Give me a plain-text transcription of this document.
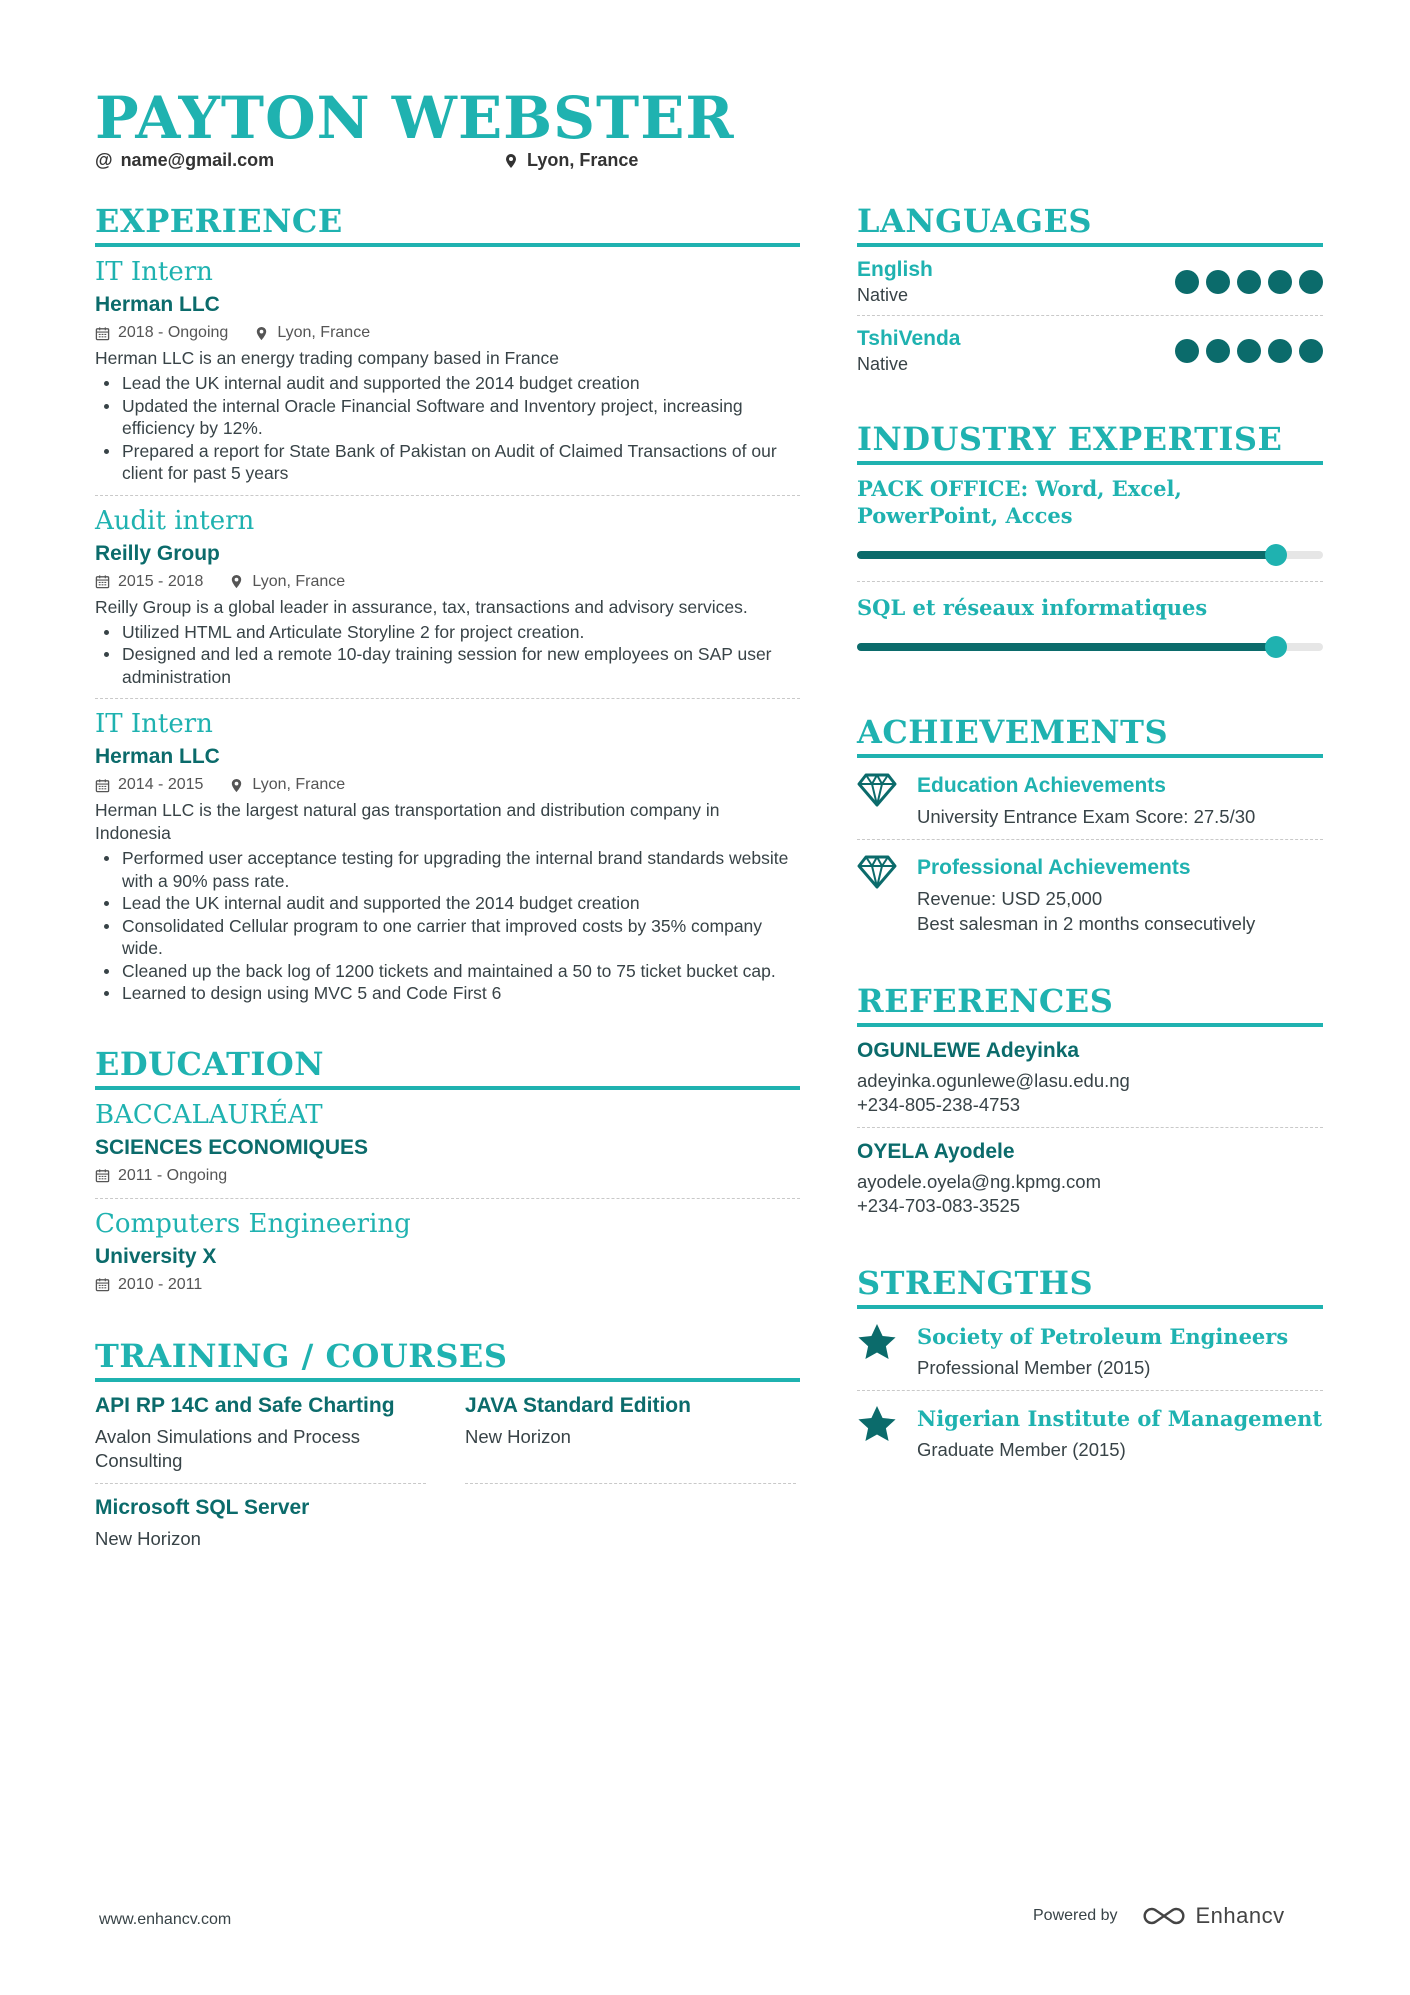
PAYTON WEBSTER
@ name@gmail.com	Lyon, France
EXPERIENCE
IT Intern
Herman LLC
2018 - Ongoing	Lyon, France
Herman LLC is an energy trading company based in France
Lead the UK internal audit and supported the 2014 budget creation
Updated the internal Oracle Financial Software and Inventory project, increasing efficiency by 12%.
Prepared a report for State Bank of Pakistan on Audit of Claimed Transactions of our client for past 5 years
Audit intern
Reilly Group
2015 - 2018	Lyon, France
Reilly Group is a global leader in assurance, tax, transactions and advisory services.
Utilized HTML and Articulate Storyline 2 for project creation.
Designed and led a remote 10-day training session for new employees on SAP user administration
IT Intern
Herman LLC
2014 - 2015	Lyon, France
Herman LLC is the largest natural gas transportation and distribution company in Indonesia
Performed user acceptance testing for upgrading the internal brand standards website with a 90% pass rate.
Lead the UK internal audit and supported the 2014 budget creation
Consolidated Cellular program to one carrier that improved costs by 35% company wide.
Cleaned up the back log of 1200 tickets and maintained a 50 to 75 ticket bucket cap.
Learned to design using MVC 5 and Code First 6
EDUCATION
BACCALAURÉAT
SCIENCES ECONOMIQUES
2011 - Ongoing
Computers Engineering
University X
2010 - 2011
TRAINING / COURSES
API RP 14C and Safe Charting
Avalon Simulations and Process Consulting
JAVA Standard Edition
New Horizon
Microsoft SQL Server
New Horizon
LANGUAGES
English
Native
TshiVenda
Native
INDUSTRY EXPERTISE
PACK OFFICE: Word, Excel, PowerPoint, Acces
SQL et réseaux informatiques
ACHIEVEMENTS
Education Achievements
University Entrance Exam Score: 27.5/30
Professional Achievements
Revenue: USD 25,000
Best salesman in 2 months consecutively
REFERENCES
OGUNLEWE Adeyinka
adeyinka.ogunlewe@lasu.edu.ng
+234-805-238-4753
OYELA Ayodele
ayodele.oyela@ng.kpmg.com
+234-703-083-3525
STRENGTHS
Society of Petroleum Engineers
Professional Member (2015)
Nigerian Institute of Management
Graduate Member (2015)
www.enhancv.com	Powered by	Enhancv
